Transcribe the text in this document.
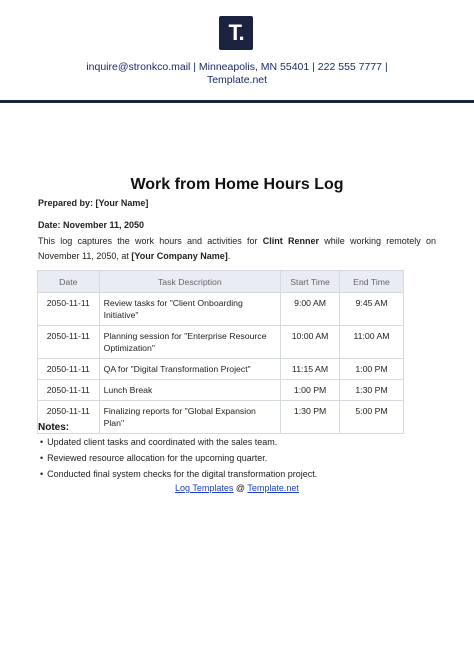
T.
inquire@stronkco.mail | Minneapolis, MN 55401 | 222 555 7777 |
Template.net
Work from Home Hours Log
Prepared by: [Your Name]
Date: November 11, 2050
This log captures the work hours and activities for Clint Renner while working remotely on November 11, 2050, at [Your Company Name].
Date	Task Description	Start Time	End Time
2050-11-11	Review tasks for "Client Onboarding Initiative"	9:00 AM	9:45 AM
2050-11-11	Planning session for "Enterprise Resource Optimization"	10:00 AM	11:00 AM
2050-11-11	QA for "Digital Transformation Project"	11:15 AM	1:00 PM
2050-11-11	Lunch Break	1:00 PM	1:30 PM
2050-11-11	Finalizing reports for "Global Expansion Plan"	1:30 PM	5:00 PM
Notes:
• Updated client tasks and coordinated with the sales team.
• Reviewed resource allocation for the upcoming quarter.
• Conducted final system checks for the digital transformation project.
Log Templates @ Template.net
